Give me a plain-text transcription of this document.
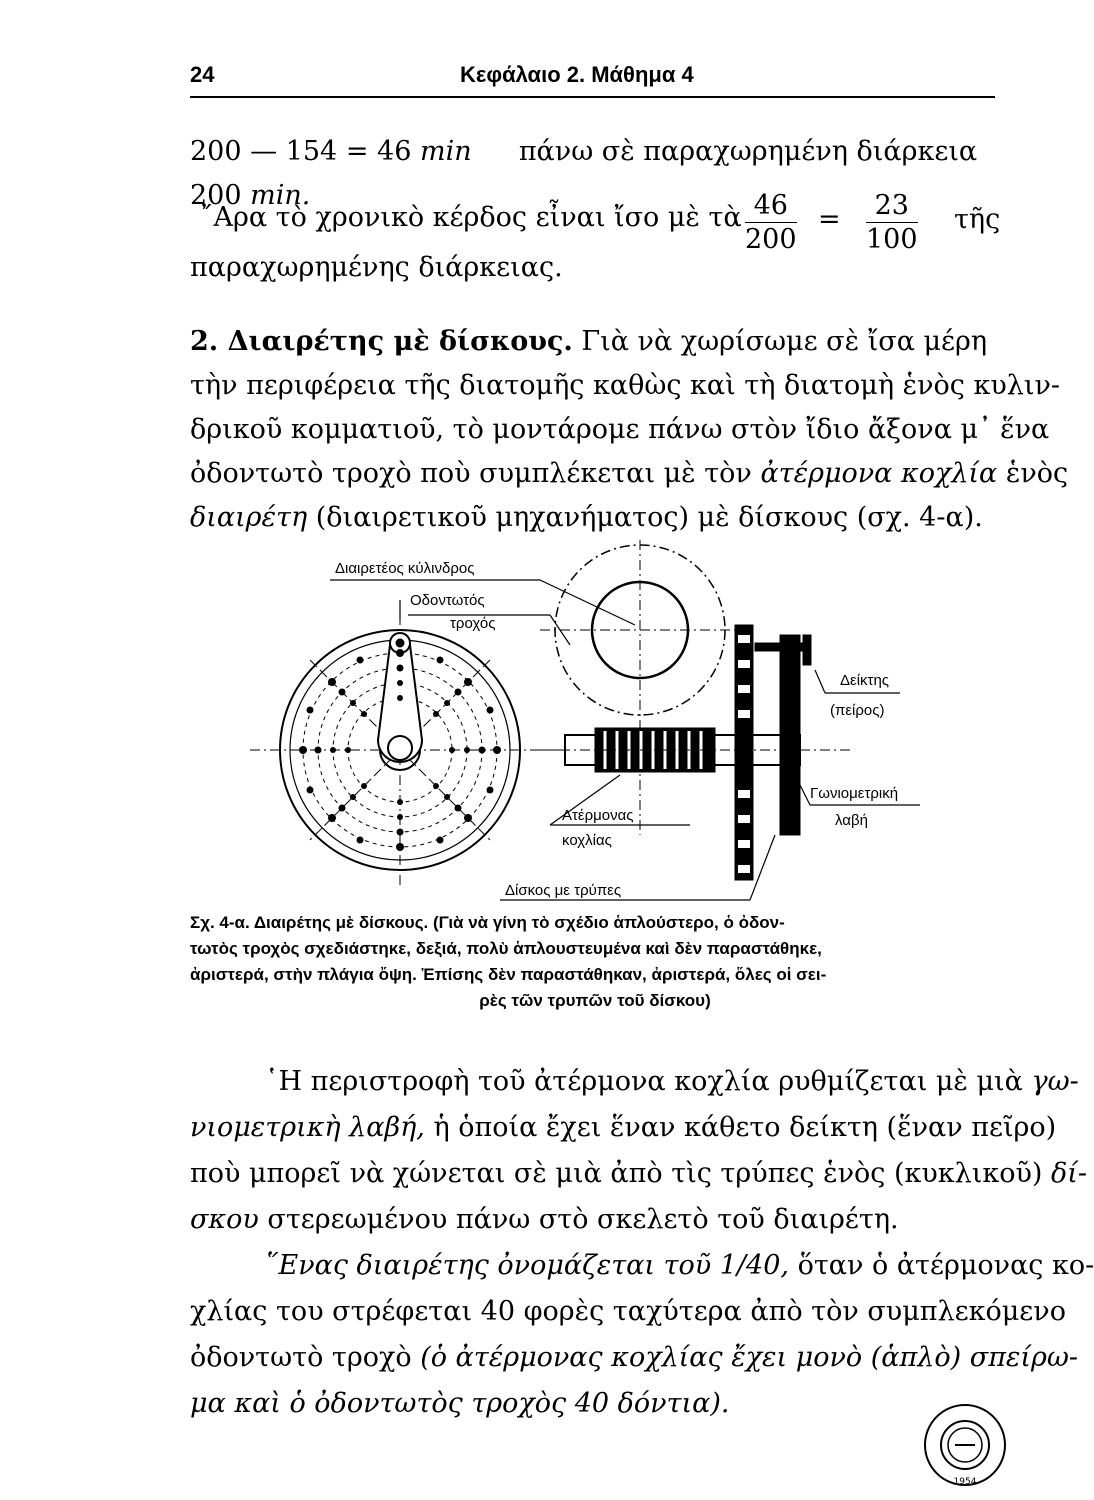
24	Κεφάλαιο 2. Μάθημα 4
200 — 154 = 46 min πάνω σὲ παραχωρημένη διάρκεια 200 min.
῎Αρα τὸ χρονικὸ κέρδος εἶναι ἴσο μὲ τὰ $\frac{46}{200} = \frac{23}{100}$ τῆς
παραχωρημένης διάρκειας.
2. Διαιρέτης μὲ δίσκους. Γιὰ νὰ χωρίσωμε σὲ ἴσα μέρη
τὴν περιφέρεια τῆς διατομῆς καθὼς καὶ τὴ διατομὴ ἑνὸς κυλιν-
δρικοῦ κομματιοῦ, τὸ μοντάρομε πάνω στὸν ἴδιο ἄξονα μ᾽ ἕνα
ὀδοντωτὸ τροχὸ ποὺ συμπλέκεται μὲ τὸν ἀτέρμονα κοχλία ἑνὸς
διαιρέτη (διαιρετικοῦ μηχανήματος) μὲ δίσκους (σχ. 4-α).
Διαιρετέος κύλινδρος
Οδοντωτός
τροχός
Δείκτης
(πείρος)
Γωνιομετρική
λαβή
Ατέρμονας
κοχλίας
Δίσκος με τρύπες
Σχ. 4-α. Διαιρέτης μὲ δίσκους. (Γιὰ νὰ γίνη τὸ σχέδιο ἁπλούστερο, ὁ ὀδον-
τωτὸς τροχὸς σχεδιάστηκε, δεξιά, πολὺ ἁπλουστευμένα καὶ δὲν παραστάθηκε,
ἀριστερά, στὴν πλάγια ὄψη. Ἐπίσης δὲν παραστάθηκαν, ἀριστερά, ὅλες οἱ σει-
ρὲς τῶν τρυπῶν τοῦ δίσκου)
῾Η περιστροφὴ τοῦ ἀτέρμονα κοχλία ρυθμίζεται μὲ μιὰ γω-
νιομετρικὴ λαβή, ἡ ὁποία ἔχει ἕναν κάθετο δείκτη (ἕναν πεῖρο)
ποὺ μπορεῖ νὰ χώνεται σὲ μιὰ ἀπὸ τὶς τρύπες ἑνὸς (κυκλικοῦ) δί-
σκου στερεωμένου πάνω στὸ σκελετὸ τοῦ διαιρέτη.
῞Ενας διαιρέτης ὀνομάζεται τοῦ 1/40, ὅταν ὁ ἀτέρμονας κο-
χλίας του στρέφεται 40 φορὲς ταχύτερα ἀπὸ τὸν συμπλεκόμενο
ὀδοντωτὸ τροχὸ (ὁ ἀτέρμονας κοχλίας ἔχει μονὸ (ἁπλὸ) σπείρω-
μα καὶ ὁ ὀδοντωτὸς τροχὸς 40 δόντια).
1954
